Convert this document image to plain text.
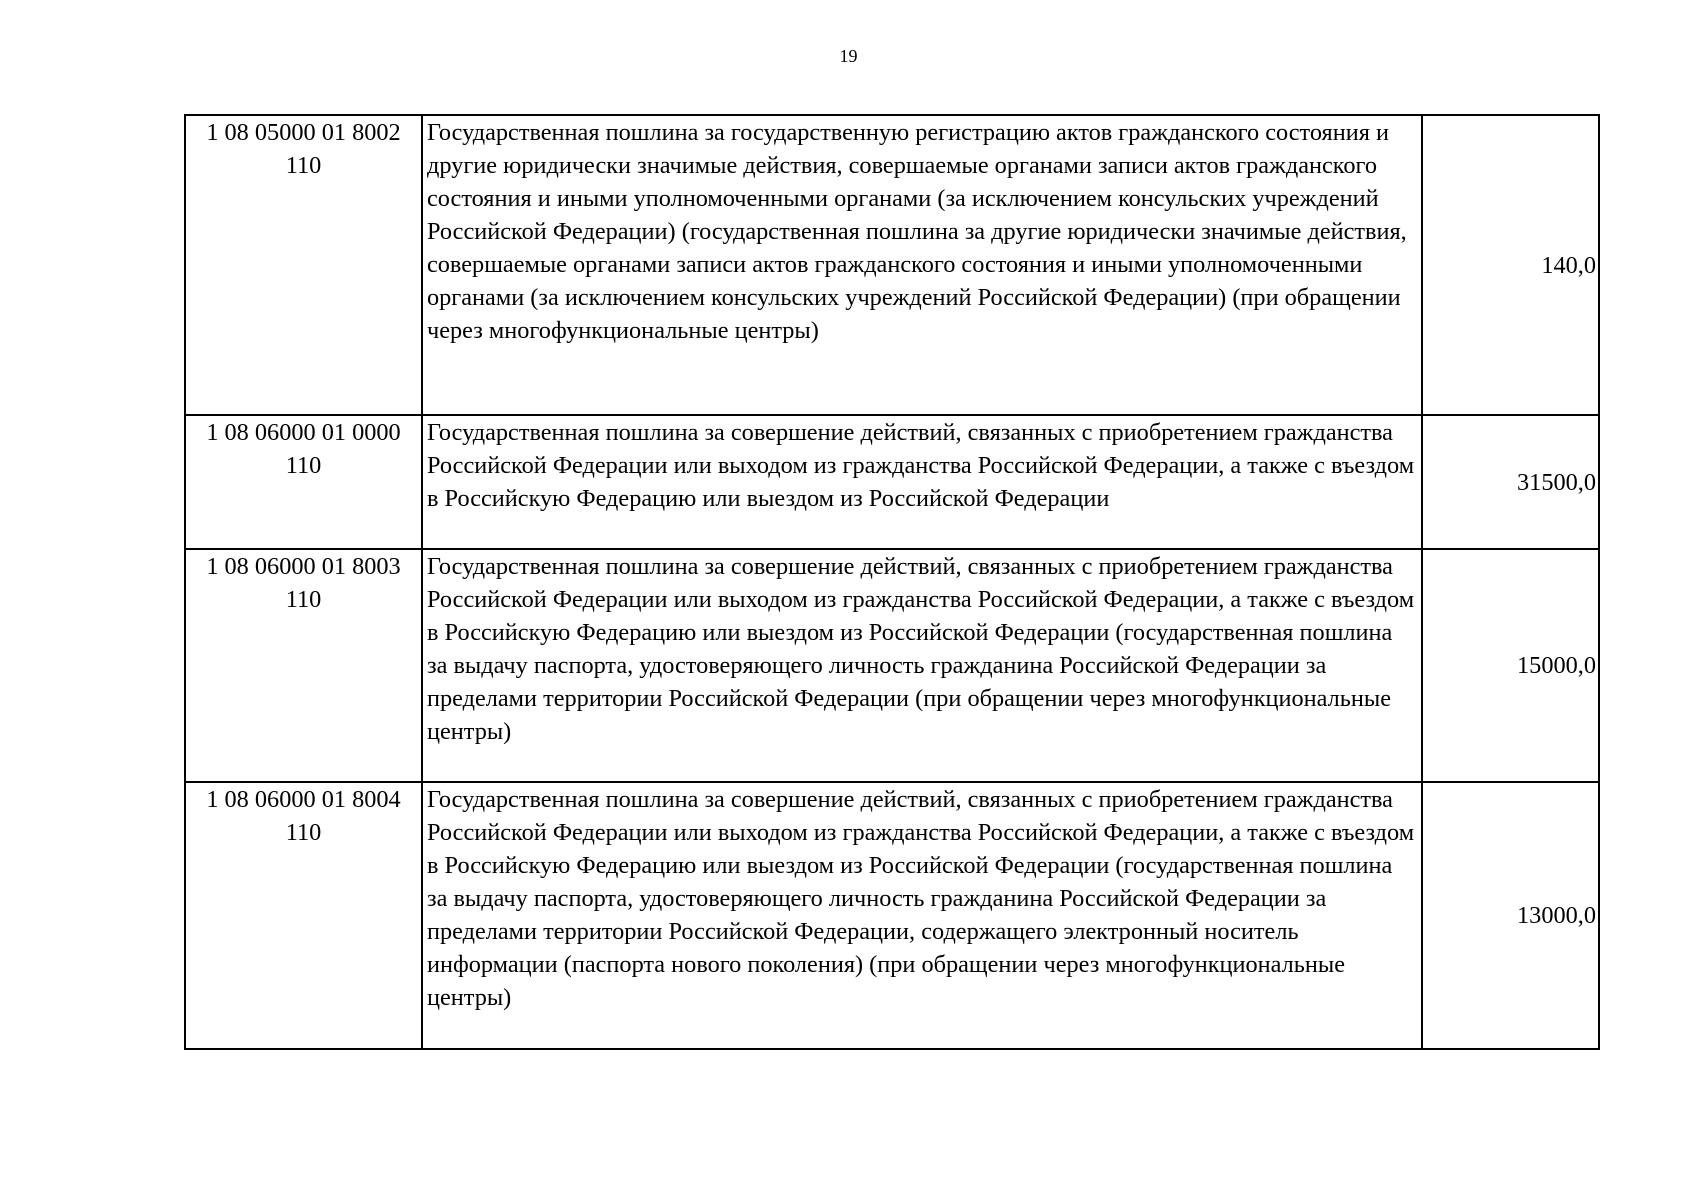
19
1 08 05000 01 8002
110	Государственная пошлина за государственную регистрацию актов гражданского состояния и другие юридически значимые действия, совершаемые органами записи актов гражданского состояния и иными уполномоченными органами (за исключением консульских учреждений Российской Федерации) (государственная пошлина за другие юридически значимые действия, совершаемые органами записи актов гражданского состояния и иными уполномоченными органами (за исключением консульских учреждений Российской Федерации) (при обращении через многофункциональные центры)	140,0
1 08 06000 01 0000
110	Государственная пошлина за совершение действий, связанных с приобретением гражданства Российской Федерации или выходом из гражданства Российской Федерации, а также с въездом в Российскую Федерацию или выездом из Российской Федерации	31500,0
1 08 06000 01 8003
110	Государственная пошлина за совершение действий, связанных с приобретением гражданства Российской Федерации или выходом из гражданства Российской Федерации, а также с въездом в Российскую Федерацию или выездом из Российской Федерации (государственная пошлина за выдачу паспорта, удостоверяющего личность гражданина Российской Федерации за пределами территории Российской Федерации (при обращении через многофункциональные центры)	15000,0
1 08 06000 01 8004
110	Государственная пошлина за совершение действий, связанных с приобретением гражданства Российской Федерации или выходом из гражданства Российской Федерации, а также с въездом в Российскую Федерацию или выездом из Российской Федерации (государственная пошлина за выдачу паспорта, удостоверяющего личность гражданина Российской Федерации за пределами территории Российской Федерации, содержащего электронный носитель информации (паспорта нового поколения) (при обращении через многофункциональные центры)	13000,0
